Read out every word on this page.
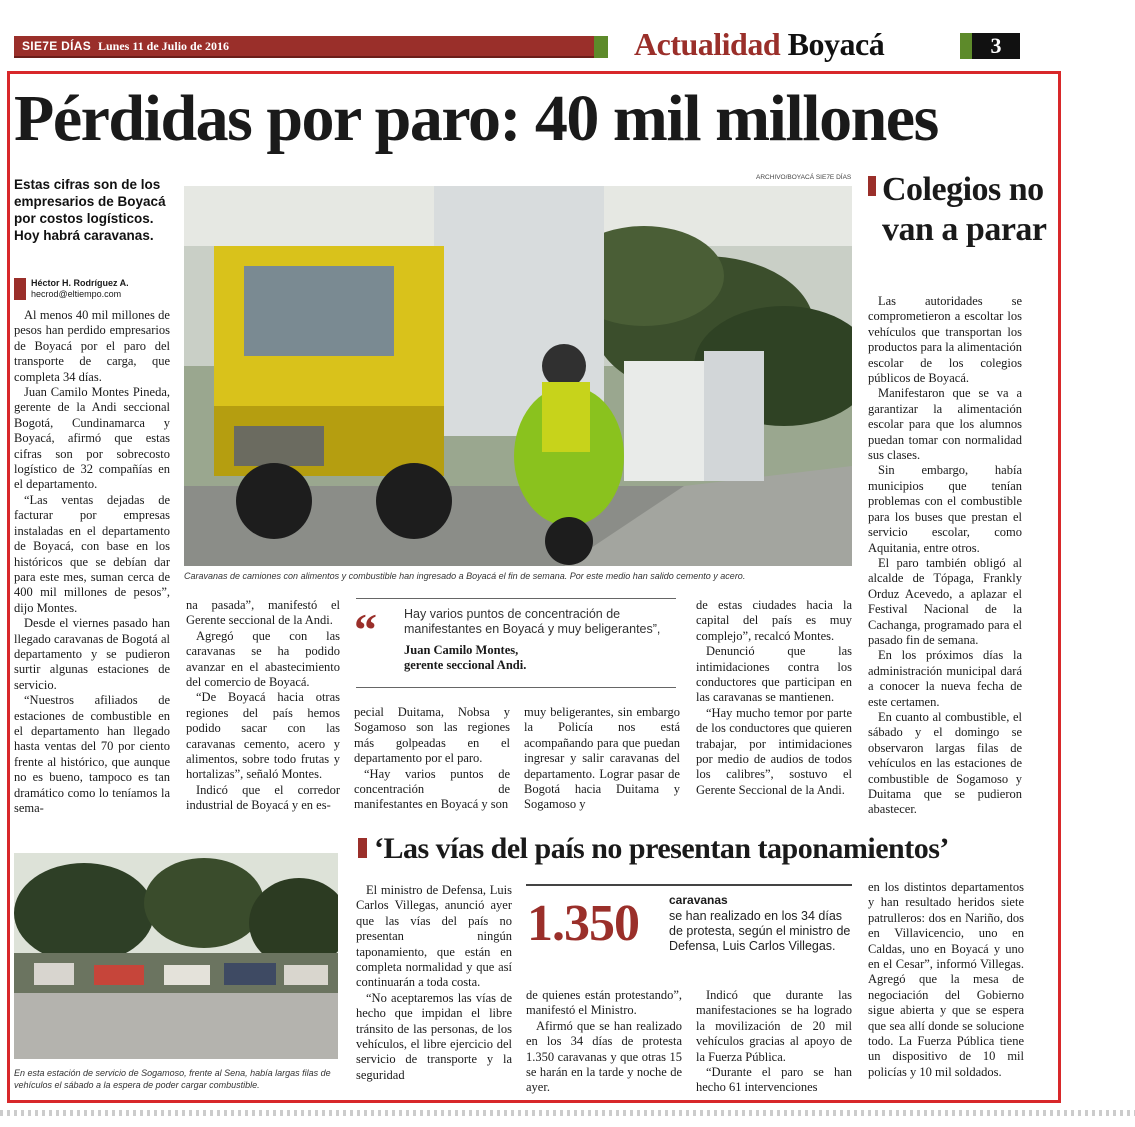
SIE7E DÍAS Lunes 11 de Julio de 2016	Actualidad Boyacá	3
Pérdidas por paro: 40 mil millones
Estas cifras son de los empresarios de Boyacá por costos logísticos. Hoy habrá caravanas.
Héctor H. Rodríguez A.
hecrod@eltiempo.com

Al menos 40 mil millones de pesos han perdido empresarios de Boyacá por el paro del transporte de carga, que completa 34 días.

Juan Camilo Montes Pineda, gerente de la Andi seccional Bogotá, Cundinamarca y Boyacá, afirmó que estas cifras son por sobrecosto logístico de 32 compañías en el departamento.

“Las ventas dejadas de facturar por empresas instaladas en el departamento de Boyacá, con base en los históricos que se debían dar para este mes, suman cerca de 400 mil millones de pesos”, dijo Montes.

Desde el viernes pasado han llegado caravanas de Bogotá al departamento y se pudieron surtir algunas estaciones de servicio.

“Nuestros afiliados de estaciones de combustible en el departamento han llegado hasta ventas del 70 por ciento frente al histórico, que aunque no es bueno, tampoco es tan dramático como lo teníamos la sema-

ARCHIVO/BOYACÁ SIE7E DÍAS
Caravanas de camiones con alimentos y combustible han ingresado a Boyacá el fin de semana. Por este medio han salido cemento y acero.

na pasada”, manifestó el Gerente seccional de la Andi.

Agregó que con las caravanas se ha podido avanzar en el abastecimiento del comercio de Boyacá.

“De Boyacá hacia otras regiones del país hemos podido sacar con las caravanas cemento, acero y alimentos, sobre todo frutas y hortalizas”, señaló Montes.

Indicó que el corredor industrial de Boyacá y en es-

“ Hay varios puntos de concentración de manifestantes en Boyacá y muy beligerantes”,
Juan Camilo Montes,
gerente seccional Andi.

pecial Duitama, Nobsa y Sogamoso son las regiones más golpeadas en el departamento por el paro.

“Hay varios puntos de concentración de manifestantes en Boyacá y son

muy beligerantes, sin embargo la Policía nos está acompañando para que puedan ingresar y salir caravanas del departamento. Lograr pasar de Bogotá hacia Duitama y Sogamoso y

de estas ciudades hacia la capital del país es muy complejo”, recalcó Montes.

Denunció que las intimidaciones contra los conductores que participan en las caravanas se mantienen.

“Hay mucho temor por parte de los conductores que quieren trabajar, por intimidaciones por medio de audios de todos los calibres”, sostuvo el Gerente Seccional de la Andi.

Colegios no van a parar

Las autoridades se comprometieron a escoltar los vehículos que transportan los productos para la alimentación escolar de los colegios públicos de Boyacá.

Manifestaron que se va a garantizar la alimentación escolar para que los alumnos puedan tomar con normalidad sus clases.

Sin embargo, había municipios que tenían problemas con el combustible para los buses que prestan el servicio escolar, como Aquitania, entre otros.

El paro también obligó al alcalde de Tópaga, Frankly Orduz Acevedo, a aplazar el Festival Nacional de la Cachanga, programado para el pasado fin de semana.

En los próximos días la administración municipal dará a conocer la nueva fecha de este certamen.

En cuanto al combustible, el sábado y el domingo se observaron largas filas de vehículos en las estaciones de combustible de Sogamoso y Duitama que se pudieron abastecer.

‘Las vías del país no presentan taponamientos’
En esta estación de servicio de Sogamoso, frente al Sena, había largas filas de vehículos el sábado a la espera de poder cargar combustible.

El ministro de Defensa, Luis Carlos Villegas, anunció ayer que las vías del país no presentan ningún taponamiento, que están en completa normalidad y que así continuarán a toda costa.

“No aceptaremos las vías de hecho que impidan el libre tránsito de las personas, de los vehículos, el libre ejercicio del servicio de transporte y la seguridad

1.350	caravanas
se han realizado en los 34 días de protesta, según el ministro de Defensa, Luis Carlos Villegas.

de quienes están protestando”, manifestó el Ministro.

Afirmó que se han realizado en los 34 días de protesta 1.350 caravanas y que otras 15 se harán en la tarde y noche de ayer.

Indicó que durante las manifestaciones se ha logrado la movilización de 20 mil vehículos gracias al apoyo de la Fuerza Pública.

“Durante el paro se han hecho 61 intervenciones

en los distintos departamentos y han resultado heridos siete patrulleros: dos en Nariño, dos en Villavicencio, uno en Caldas, uno en Boyacá y uno en el Cesar”, informó Villegas. Agregó que la mesa de negociación del Gobierno sigue abierta y que se espera que sea allí donde se solucione todo. La Fuerza Pública tiene un dispositivo de 10 mil policías y 10 mil soldados.
